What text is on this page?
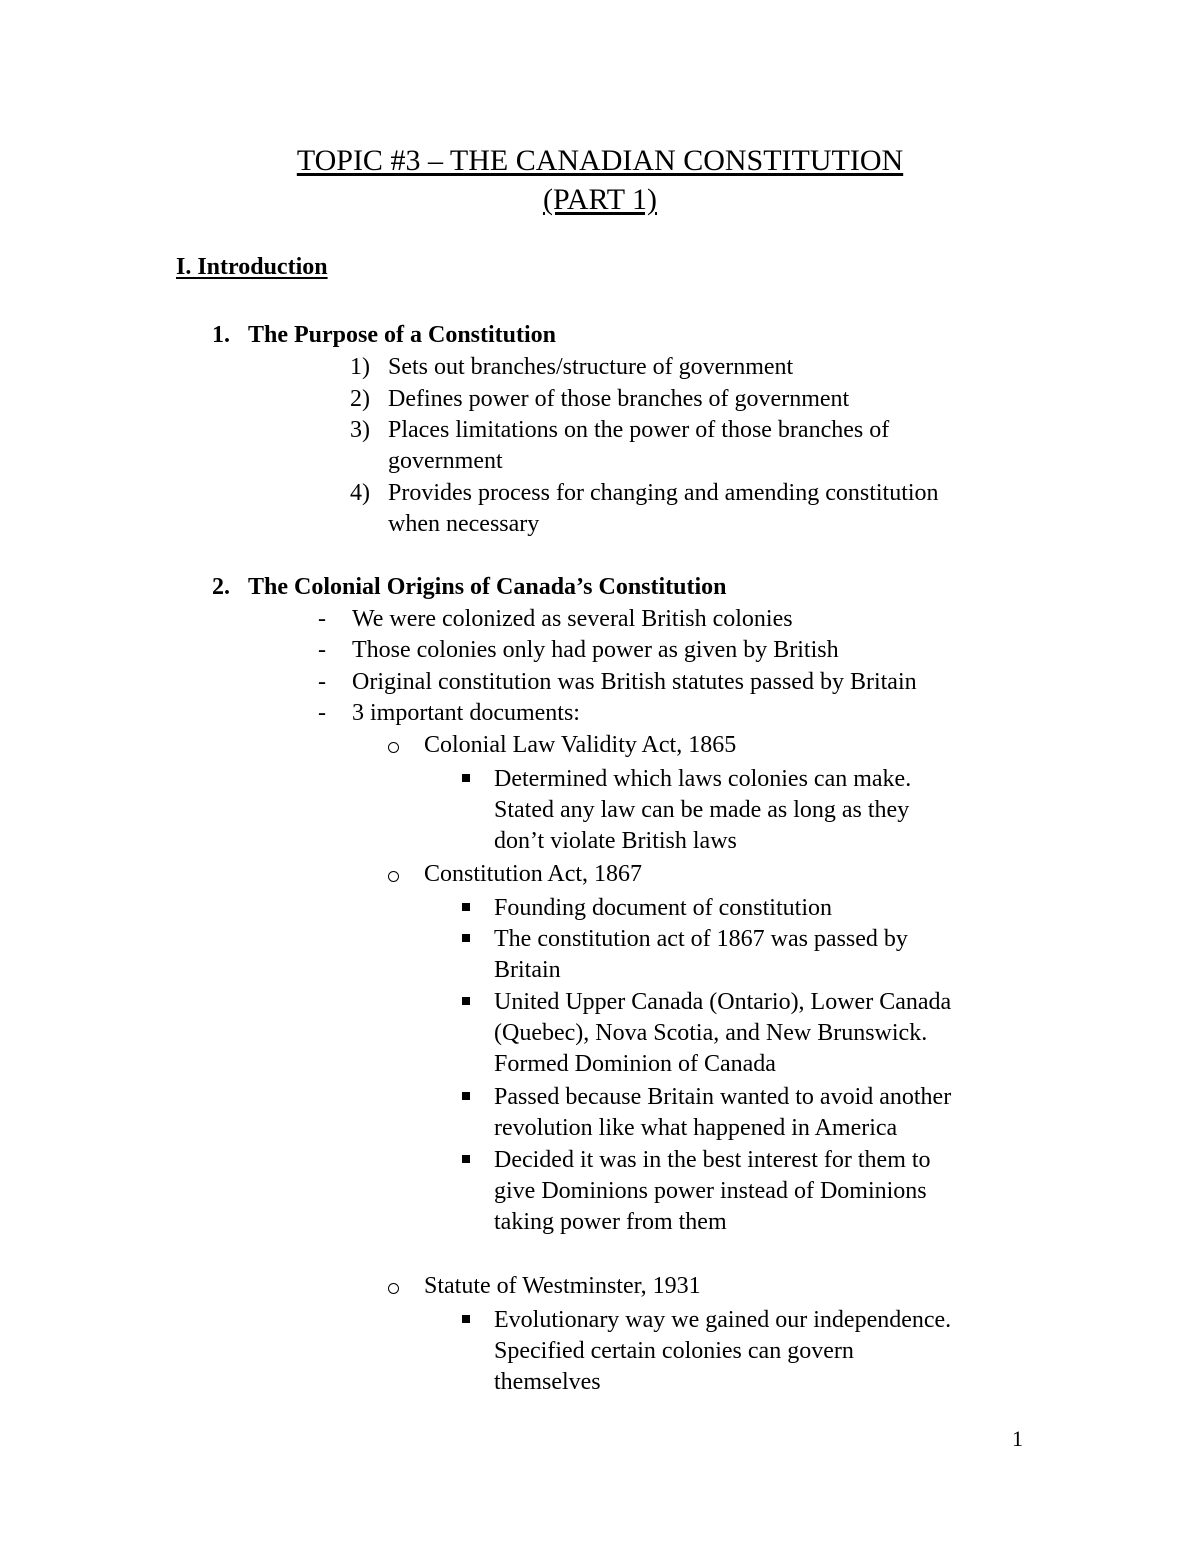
TOPIC #3 – THE CANADIAN CONSTITUTION
(PART 1)
I. Introduction
1. The Purpose of a Constitution
1) Sets out branches/structure of government
2) Defines power of those branches of government
3) Places limitations on the power of those branches of
government
4) Provides process for changing and amending constitution
when necessary
2. The Colonial Origins of Canada’s Constitution
- We were colonized as several British colonies
- Those colonies only had power as given by British
- Original constitution was British statutes passed by Britain
- 3 important documents:
Colonial Law Validity Act, 1865
Determined which laws colonies can make.
Stated any law can be made as long as they
don’t violate British laws
Constitution Act, 1867
Founding document of constitution
The constitution act of 1867 was passed by
Britain
United Upper Canada (Ontario), Lower Canada
(Quebec), Nova Scotia, and New Brunswick.
Formed Dominion of Canada
Passed because Britain wanted to avoid another
revolution like what happened in America
Decided it was in the best interest for them to
give Dominions power instead of Dominions
taking power from them
Statute of Westminster, 1931
Evolutionary way we gained our independence.
Specified certain colonies can govern
themselves
1
